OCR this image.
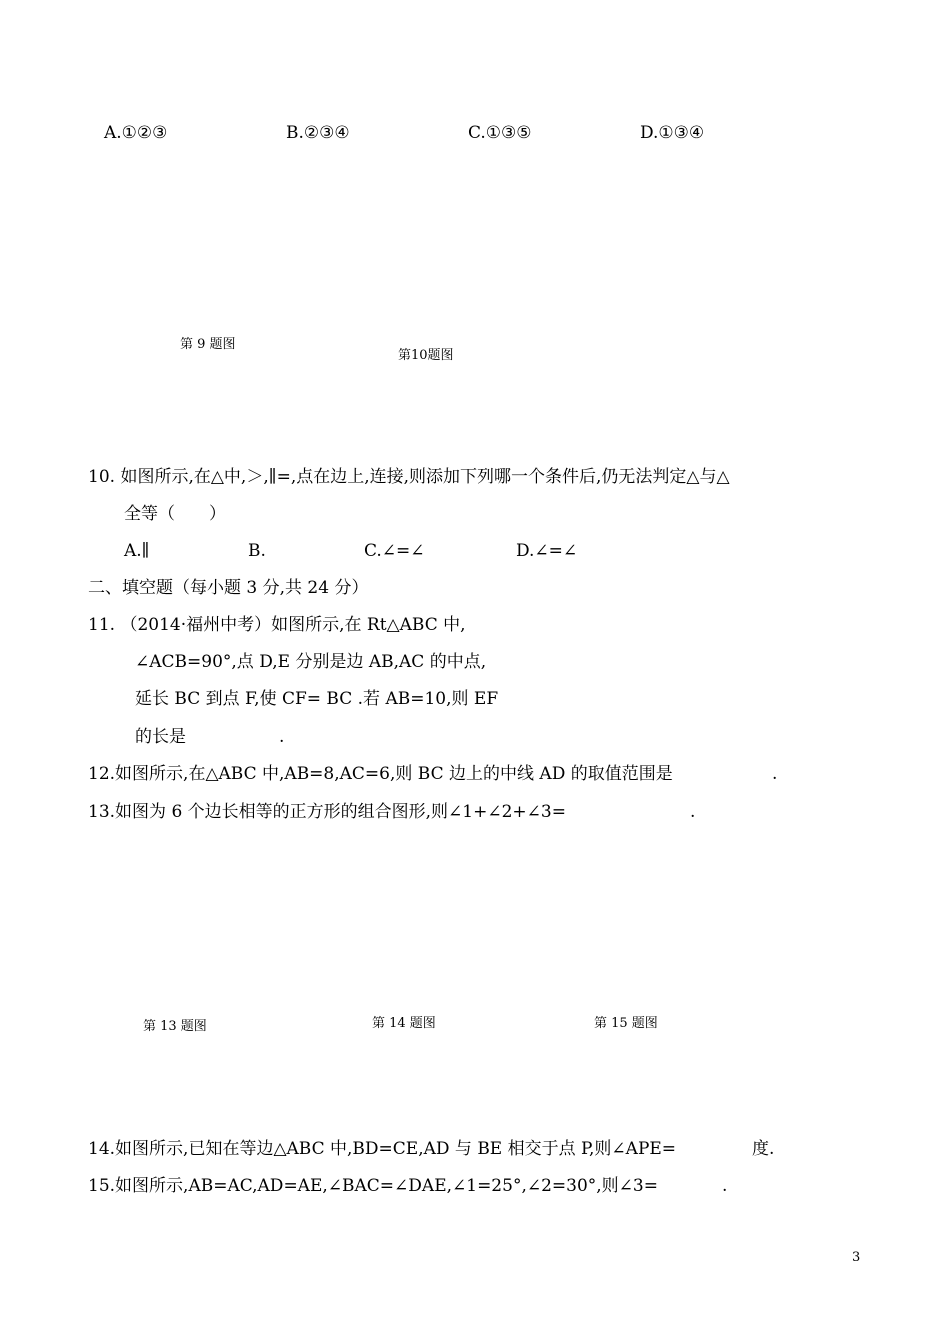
A.①②③	B.②③④	C.①③⑤	D.①③④
第 9 题图
第10题图
10. 如图所示,在△中,＞,∥=,点在边上,连接,则添加下列哪一个条件后,仍无法判定△与△
全等（　　）
A.∥	B.	C.∠=∠	D.∠=∠
二、填空题（每小题 3 分,共 24 分）
11. （2014·福州中考）如图所示,在 Rt△ABC 中,
∠ACB=90°,点 D,E 分别是边 AB,AC 的中点,
延长 BC 到点 F,使 CF= BC .若 AB=10,则 EF
的长是	.
12.如图所示,在△ABC 中,AB=8,AC=6,则 BC 边上的中线 AD 的取值范围是	.
13.如图为 6 个边长相等的正方形的组合图形,则∠1+∠2+∠3=	.
第 13 题图	第 14 题图	第 15 题图
14.如图所示,已知在等边△ABC 中,BD=CE,AD 与 BE 相交于点 P,则∠APE=	度.
15.如图所示,AB=AC,AD=AE,∠BAC=∠DAE,∠1=25°,∠2=30°,则∠3=	.
3
